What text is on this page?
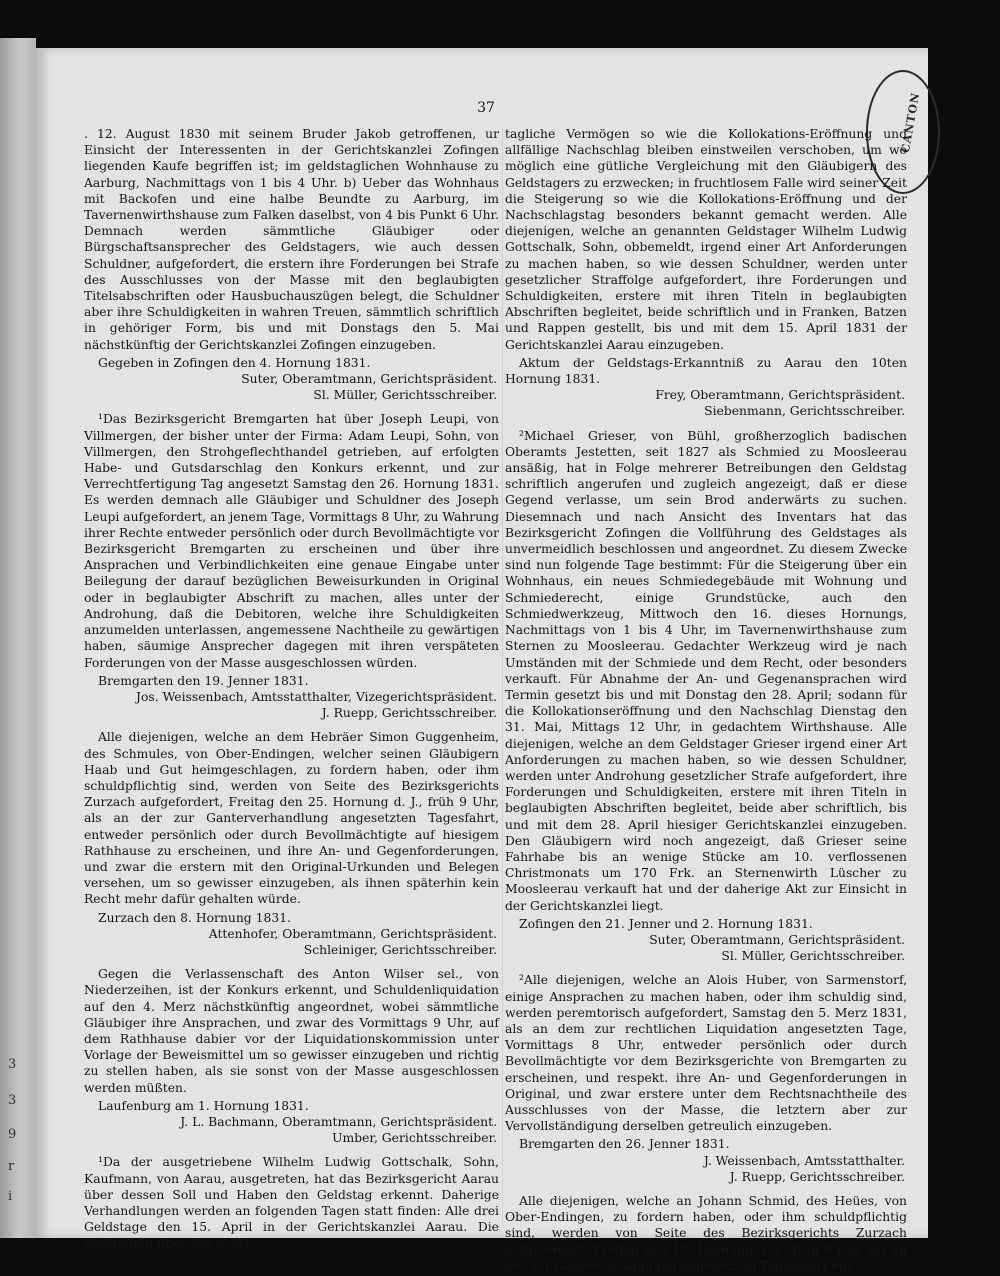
3
3
9
r
i
37	CANTON

. 12. August 1830 mit seinem Bruder Jakob getroffenen, ur Einsicht der Interessenten in der Gerichtskanzlei Zofingen liegenden Kaufe begriffen ist; im geldstaglichen Wohnhause zu Aarburg, Nachmittags von 1 bis 4 Uhr. b) Ueber das Wohnhaus mit Backofen und eine halbe Beundte zu Aarburg, im Tavernenwirthshause zum Falken daselbst, von 4 bis Punkt 6 Uhr. Demnach werden sämmtliche Gläubiger oder Bürgschaftsansprecher des Geldstagers, wie auch dessen Schuldner, aufgefordert, die erstern ihre Forderungen bei Strafe des Ausschlusses von der Masse mit den beglaubigten Titelsabschriften oder Hausbuchauszügen belegt, die Schuldner aber ihre Schuldigkeiten in wahren Treuen, sämmtlich schriftlich in gehöriger Form, bis und mit Donstags den 5. Mai nächstkünftig der Gerichtskanzlei Zofingen einzugeben.

Gegeben in Zofingen den 4. Hornung 1831.

Suter, Oberamtmann, Gerichtspräsident.

Sl. Müller, Gerichtsschreiber.

¹Das Bezirksgericht Bremgarten hat über Joseph Leupi, von Villmergen, der bisher unter der Firma: Adam Leupi, Sohn, von Villmergen, den Strohgeflechthandel getrieben, auf erfolgten Habe- und Gutsdarschlag den Konkurs erkennt, und zur Verrechtfertigung Tag angesetzt Samstag den 26. Hornung 1831. Es werden demnach alle Gläubiger und Schuldner des Joseph Leupi aufgefordert, an jenem Tage, Vormittags 8 Uhr, zu Wahrung ihrer Rechte entweder persönlich oder durch Bevollmächtigte vor Bezirksgericht Bremgarten zu erscheinen und über ihre Ansprachen und Verbindlichkeiten eine genaue Eingabe unter Beilegung der darauf bezüglichen Beweisurkunden in Original oder in beglaubigter Abschrift zu machen, alles unter der Androhung, daß die Debitoren, welche ihre Schuldigkeiten anzumelden unterlassen, angemessene Nachtheile zu gewärtigen haben, säumige Ansprecher dagegen mit ihren verspäteten Forderungen von der Masse ausgeschlossen würden.

Bremgarten den 19. Jenner 1831.

Jos. Weissenbach, Amtsstatthalter, Vizegerichtspräsident.

J. Ruepp, Gerichtsschreiber.

Alle diejenigen, welche an dem Hebräer Simon Guggenheim, des Schmules, von Ober-Endingen, welcher seinen Gläubigern Haab und Gut heimgeschlagen, zu fordern haben, oder ihm schuldpflichtig sind, werden von Seite des Bezirksgerichts Zurzach aufgefordert, Freitag den 25. Hornung d. J., früh 9 Uhr, als an der zur Ganterverhandlung angesetzten Tagesfahrt, entweder persönlich oder durch Bevollmächtigte auf hiesigem Rathhause zu erscheinen, und ihre An- und Gegenforderungen, und zwar die erstern mit den Original-Urkunden und Belegen versehen, um so gewisser einzugeben, als ihnen späterhin kein Recht mehr dafür gehalten würde.

Zurzach den 8. Hornung 1831.

Attenhofer, Oberamtmann, Gerichtspräsident.

Schleiniger, Gerichtsschreiber.

Gegen die Verlassenschaft des Anton Wilser sel., von Niederzeihen, ist der Konkurs erkennt, und Schuldenliquidation auf den 4. Merz nächstkünftig angeordnet, wobei sämmtliche Gläubiger ihre Ansprachen, und zwar des Vormittags 9 Uhr, auf dem Rathhause dabier vor der Liquidationskommission unter Vorlage der Beweismittel um so gewisser einzugeben und richtig zu stellen haben, als sie sonst von der Masse ausgeschlossen werden müßten.

Laufenburg am 1. Hornung 1831.

J. L. Bachmann, Oberamtmann, Gerichtspräsident.

Umber, Gerichtsschreiber.

¹Da der ausgetriebene Wilhelm Ludwig Gottschalk, Sohn, Kaufmann, von Aarau, ausgetreten, hat das Bezirksgericht Aarau über dessen Soll und Haben den Geldstag erkennt. Daherige Verhandlungen werden an folgenden Tagen statt finden: Alle drei Geldstage den 15. April in der Gerichtskanzlei Aarau. Die Steigerung über das gelds-

tagliche Vermögen so wie die Kollokations-Eröffnung und allfällige Nachschlag bleiben einstweilen verschoben, um wo möglich eine gütliche Vergleichung mit den Gläubigern des Geldstagers zu erzwecken; in fruchtlosem Falle wird seiner Zeit die Steigerung so wie die Kollokations-Eröffnung und der Nachschlagstag besonders bekannt gemacht werden. Alle diejenigen, welche an genannten Geldstager Wilhelm Ludwig Gottschalk, Sohn, obbemeldt, irgend einer Art Anforderungen zu machen haben, so wie dessen Schuldner, werden unter gesetzlicher Straffolge aufgefordert, ihre Forderungen und Schuldigkeiten, erstere mit ihren Titeln in beglaubigten Abschriften begleitet, beide schriftlich und in Franken, Batzen und Rappen gestellt, bis und mit dem 15. April 1831 der Gerichtskanzlei Aarau einzugeben.

Aktum der Geldstags-Erkanntniß zu Aarau den 10ten Hornung 1831.

Frey, Oberamtmann, Gerichtspräsident.

Siebenmann, Gerichtsschreiber.

²Michael Grieser, von Bühl, großherzoglich badischen Oberamts Jestetten, seit 1827 als Schmied zu Moosleerau ansäßig, hat in Folge mehrerer Betreibungen den Geldstag schriftlich angerufen und zugleich angezeigt, daß er diese Gegend verlasse, um sein Brod anderwärts zu suchen. Diesemnach und nach Ansicht des Inventars hat das Bezirksgericht Zofingen die Vollführung des Geldstages als unvermeidlich beschlossen und angeordnet. Zu diesem Zwecke sind nun folgende Tage bestimmt: Für die Steigerung über ein Wohnhaus, ein neues Schmiedegebäude mit Wohnung und Schmiederecht, einige Grundstücke, auch den Schmiedwerkzeug, Mittwoch den 16. dieses Hornungs, Nachmittags von 1 bis 4 Uhr, im Tavernenwirthshause zum Sternen zu Moosleerau. Gedachter Werkzeug wird je nach Umständen mit der Schmiede und dem Recht, oder besonders verkauft. Für Abnahme der An- und Gegenansprachen wird Termin gesetzt bis und mit Donstag den 28. April; sodann für die Kollokationseröffnung und den Nachschlag Dienstag den 31. Mai, Mittags 12 Uhr, in gedachtem Wirthshause. Alle diejenigen, welche an dem Geldstager Grieser irgend einer Art Anforderungen zu machen haben, so wie dessen Schuldner, werden unter Androhung gesetzlicher Strafe aufgefordert, ihre Forderungen und Schuldigkeiten, erstere mit ihren Titeln in beglaubigten Abschriften begleitet, beide aber schriftlich, bis und mit dem 28. April hiesiger Gerichtskanzlei einzugeben. Den Gläubigern wird noch angezeigt, daß Grieser seine Fahrhabe bis an wenige Stücke am 10. verflossenen Christmonats um 170 Frk. an Sternenwirth Lüscher zu Moosleerau verkauft hat und der daherige Akt zur Einsicht in der Gerichtskanzlei liegt.

Zofingen den 21. Jenner und 2. Hornung 1831.

Suter, Oberamtmann, Gerichtspräsident.

Sl. Müller, Gerichtsschreiber.

²Alle diejenigen, welche an Alois Huber, von Sarmenstorf, einige Ansprachen zu machen haben, oder ihm schuldig sind, werden peremtorisch aufgefordert, Samstag den 5. Merz 1831, als an dem zur rechtlichen Liquidation angesetzten Tage, Vormittags 8 Uhr, entweder persönlich oder durch Bevollmächtigte vor dem Bezirksgerichte von Bremgarten zu erscheinen, und respekt. ihre An- und Gegenforderungen in Original, und zwar erstere unter dem Rechtsnachtheile des Ausschlusses von der Masse, die letztern aber zur Vervollständigung derselben getreulich einzugeben.

Bremgarten den 26. Jenner 1831.

J. Weissenbach, Amtsstatthalter.

J. Ruepp, Gerichtsschreiber.

Alle diejenigen, welche an Johann Schmid, des Heües, von Ober-Endingen, zu fordern haben, oder ihm schuldpflichtig sind, werden von Seite des Bezirksgerichts Zurzach aufgefordert, Freitag den 18. Hornung d. J., früh 9 Uhr, als an der zur Ganterverhandlung angesetzten Tagesfahrt ent-
